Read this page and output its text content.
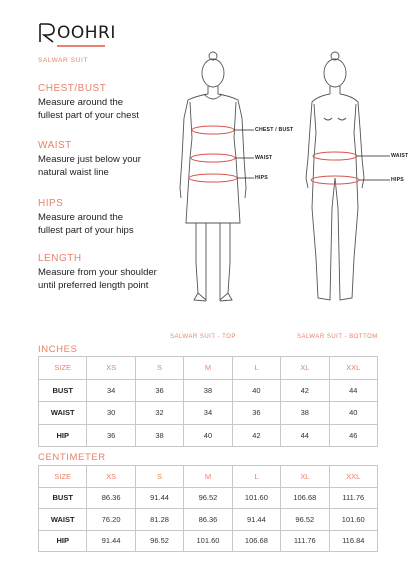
OOHRI
SALWAR SUIT
CHEST/BUST

Measure around the fullest part of your chest

WAIST

Measure just below your natural waist line

HIPS

Measure around the fullest part of your hips

LENGTH

Measure from your shoulder until preferred length point

CHEST / BUST
WAIST
HIPS
WAIST
HIPS
SALWAR SUIT - TOP	SALWAR SUIT - BOTTOM
INCHES
SIZE	XS	S	M	L	XL	XXL
BUST	34	36	38	40	42	44
WAIST	30	32	34	36	38	40
HIP	36	38	40	42	44	46
CENTIMETER
SIZE	XS	S	M	L	XL	XXL
BUST	86.36	91.44	96.52	101.60	106.68	111.76
WAIST	76.20	81.28	86.36	91.44	96.52	101.60
HIP	91.44	96.52	101.60	106.68	111.76	116.84
